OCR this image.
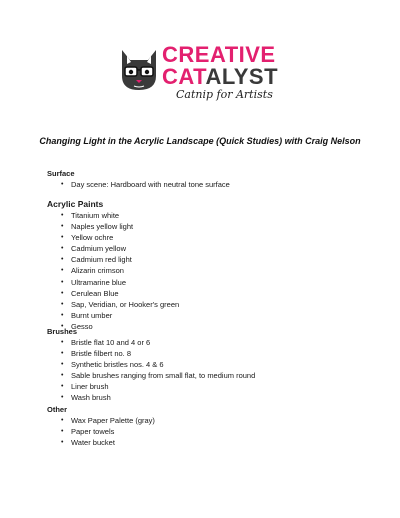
CREATIVE
CATALYST
Catnip for Artists
Changing Light in the Acrylic Landscape (Quick Studies) with Craig Nelson
Surface
• Day scene: Hardboard with neutral tone surface
Acrylic Paints
• Titanium white
• Naples yellow light
• Yellow ochre
• Cadmium yellow
• Cadmium red light
• Alizarin crimson
• Ultramarine blue
• Cerulean Blue
• Sap, Veridian, or Hooker's green
• Burnt umber
• Gesso
Brushes
• Bristle flat 10 and 4 or 6
• Bristle filbert no. 8
• Synthetic bristles nos. 4 & 6
• Sable brushes ranging from small flat, to medium round
• Liner brush
• Wash brush
Other
• Wax Paper Palette (gray)
• Paper towels
• Water bucket
